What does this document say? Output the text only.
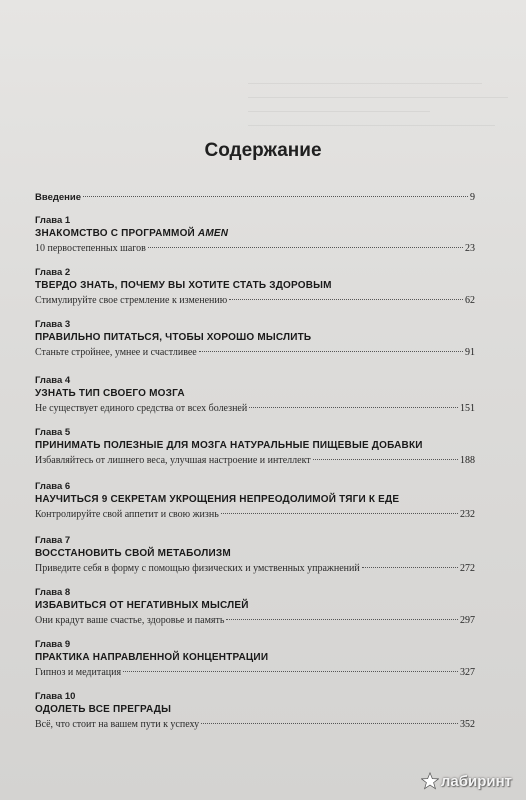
Содержание
Введение	9
Глава 1
ЗНАКОМСТВО С ПРОГРАММОЙ AMEN
10 первостепенных шагов	23
Глава 2
ТВЕРДО ЗНАТЬ, ПОЧЕМУ ВЫ ХОТИТЕ СТАТЬ ЗДОРОВЫМ
Стимулируйте свое стремление к изменению	62
Глава 3
ПРАВИЛЬНО ПИТАТЬСЯ, ЧТОБЫ ХОРОШО МЫСЛИТЬ
Станьте стройнее, умнее и счастливее	91
Глава 4
УЗНАТЬ ТИП СВОЕГО МОЗГА
Не существует единого средства от всех болезней	151
Глава 5
ПРИНИМАТЬ ПОЛЕЗНЫЕ ДЛЯ МОЗГА НАТУРАЛЬНЫЕ ПИЩЕВЫЕ ДОБАВКИ
Избавляйтесь от лишнего веса, улучшая настроение и интеллект	188
Глава 6
НАУЧИТЬСЯ 9 СЕКРЕТАМ УКРОЩЕНИЯ НЕПРЕОДОЛИМОЙ ТЯГИ К ЕДЕ
Контролируйте свой аппетит и свою жизнь	232
Глава 7
ВОССТАНОВИТЬ СВОЙ МЕТАБОЛИЗМ
Приведите себя в форму с помощью физических и умственных упражнений	272
Глава 8
ИЗБАВИТЬСЯ ОТ НЕГАТИВНЫХ МЫСЛЕЙ
Они крадут ваше счастье, здоровье и память	297
Глава 9
ПРАКТИКА НАПРАВЛЕННОЙ КОНЦЕНТРАЦИИ
Гипноз и медитация	327
Глава 10
ОДОЛЕТЬ ВСЕ ПРЕГРАДЫ
Всё, что стоит на вашем пути к успеху	352
лабиринт
